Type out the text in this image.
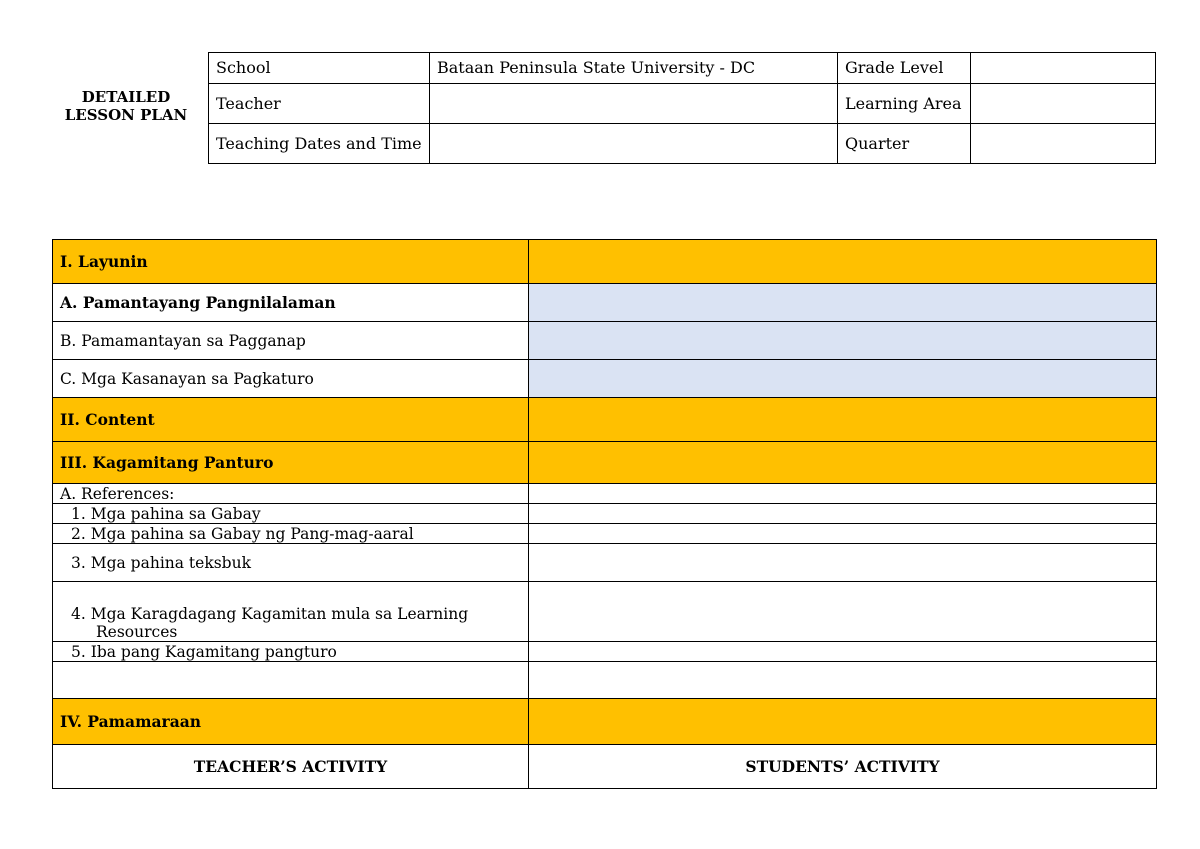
DETAILED
LESSON PLAN
School	Bataan Peninsula State University - DC	Grade Level	
Teacher		Learning Area	
Teaching Dates and Time		Quarter	
I. Layunin	
A. Pamantayang Pangnilalaman	
B. Pamamantayan sa Pagganap	
C. Mga Kasanayan sa Pagkaturo	
II. Content	
III. Kagamitang Panturo	
A. References:	
1. Mga pahina sa Gabay	
2. Mga pahina sa Gabay ng Pang-mag-aaral	
3. Mga pahina teksbuk	
4. Mga Karagdagang Kagamitan mula sa Learning Resources	
5. Iba pang Kagamitang pangturo	

IV. Pamamaraan	
TEACHER’S ACTIVITY	STUDENTS’ ACTIVITY
